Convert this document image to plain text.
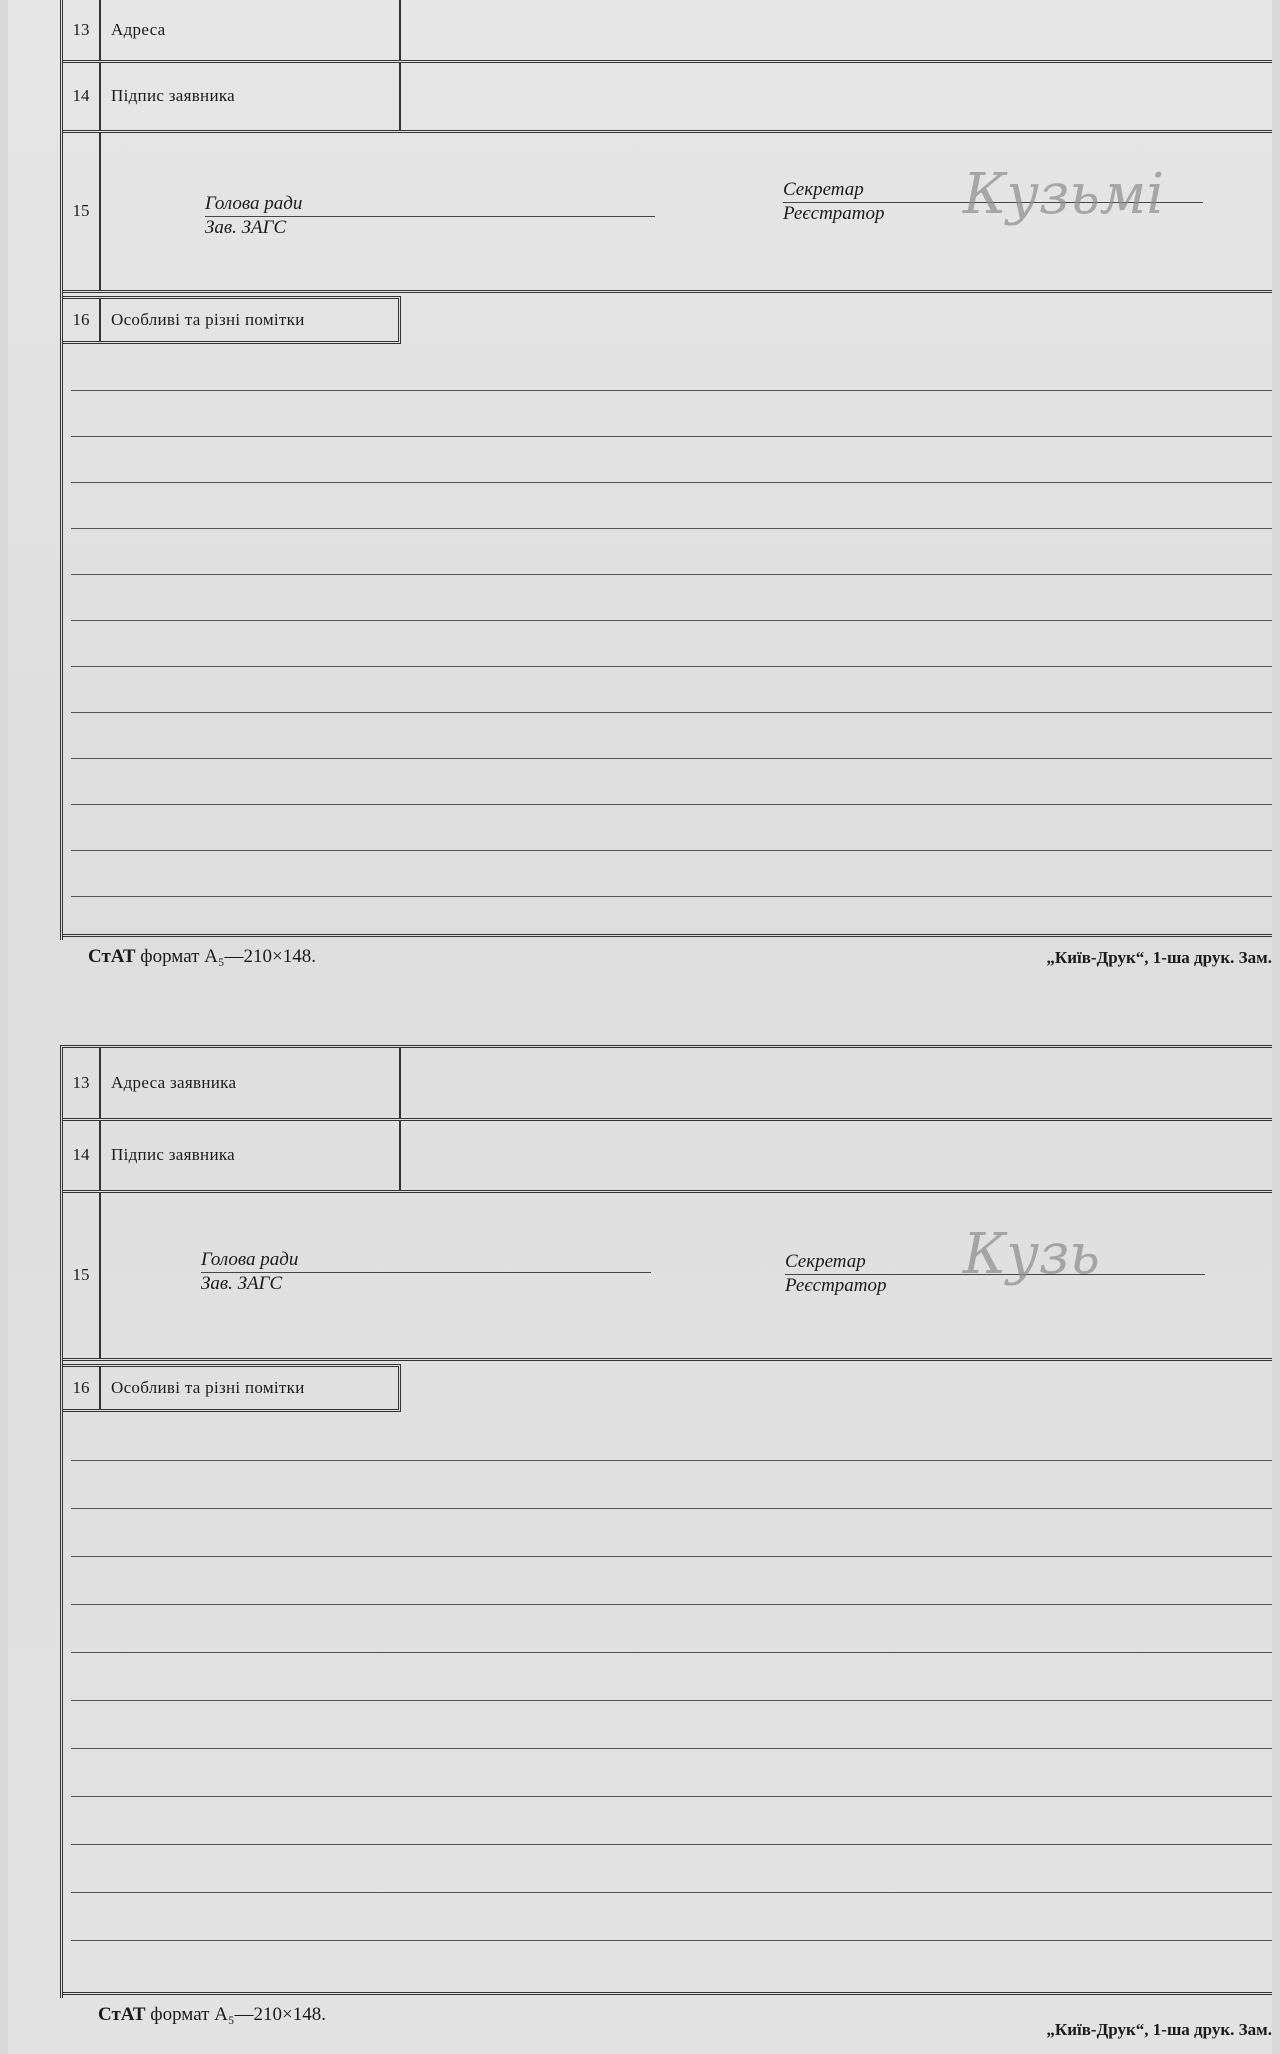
13	Адреса
14	Підпис заявника
15	Голова ради
Зав. ЗАГС
Секретар
Реєстратор Кузьмі
16	Особливі та різні помітки
СтАТ формат А₅—210×148.	„Київ-Друк“, 1-ша друк. Зам.
13	Адреса заявника
14	Підпис заявника
15
Голова ради
Зав. ЗАГС
Секретар
Реєстратор Кузь
16	Особливі та різні помітки
СтАТ формат А₅—210×148.
„Київ-Друк“, 1-ша друк. Зам.
